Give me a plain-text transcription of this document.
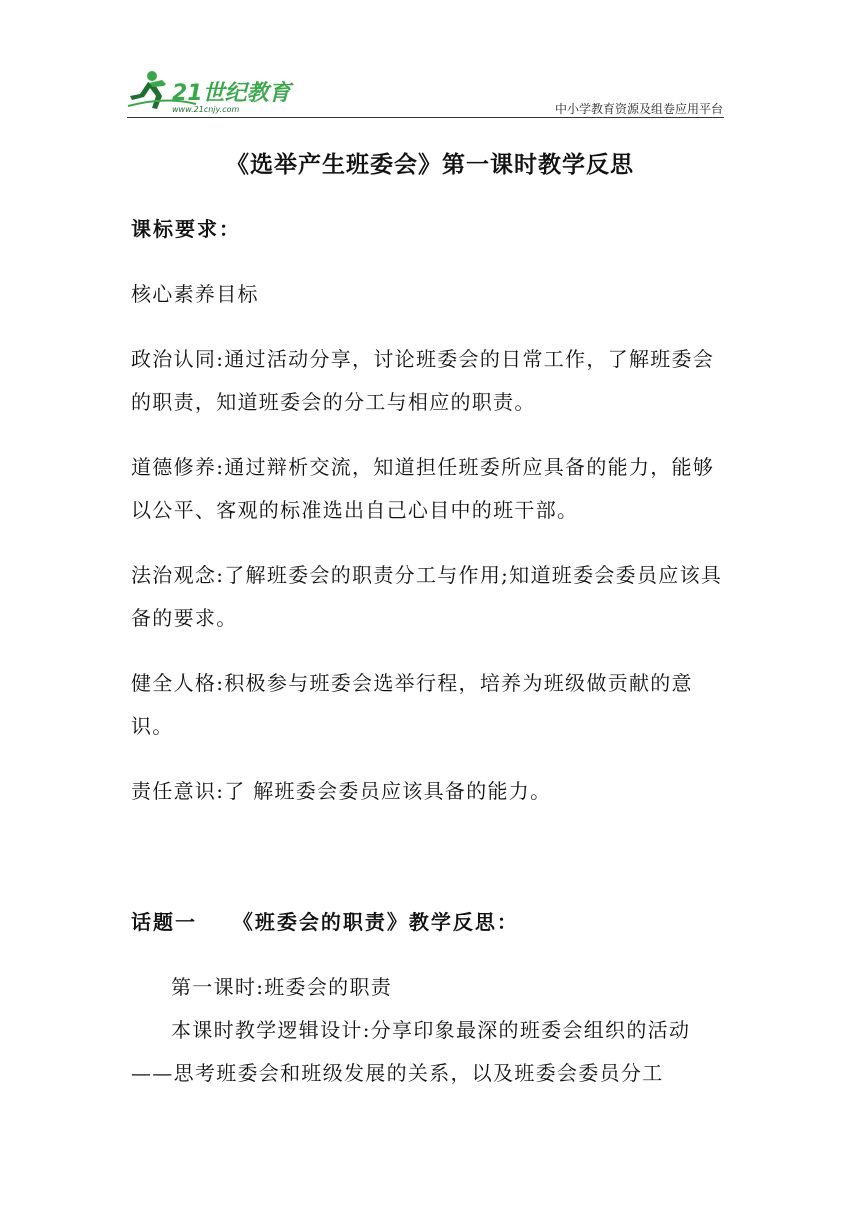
21世纪教育
www.21cnjy.com	中小学教育资源及组卷应用平台
《选举产生班委会》第一课时教学反思

课标要求：

核心素养目标

政治认同:通过活动分享，讨论班委会的日常工作，了解班委会的职责，知道班委会的分工与相应的职责。

道德修养:通过辩析交流，知道担任班委所应具备的能力，能够以公平、客观的标准选出自己心目中的班干部。

法治观念:了解班委会的职责分工与作用;知道班委会委员应该具备的要求。

健全人格:积极参与班委会选举行程，培养为班级做贡献的意识。

责任意识:了 解班委会委员应该具备的能力。

话题一    《班委会的职责》教学反思：

第一课时:班委会的职责

本课时教学逻辑设计:分享印象最深的班委会组织的活动——思考班委会和班级发展的关系，以及班委会委员分工
